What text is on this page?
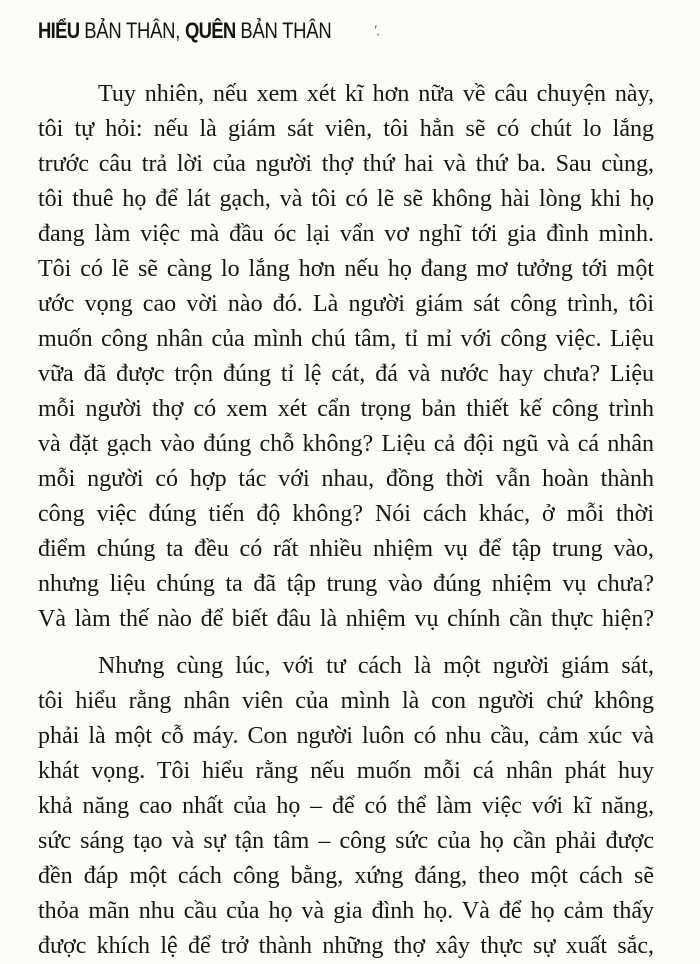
HIỂU BẢN THÂN, QUÊN BẢN THÂN	'.
Tuy nhiên, nếu xem xét kĩ hơn nữa về câu chuyện này,
tôi tự hỏi: nếu là giám sát viên, tôi hẳn sẽ có chút lo lắng
trước câu trả lời của người thợ thứ hai và thứ ba. Sau cùng,
tôi thuê họ để lát gạch, và tôi có lẽ sẽ không hài lòng khi họ
đang làm việc mà đầu óc lại vẩn vơ nghĩ tới gia đình mình.
Tôi có lẽ sẽ càng lo lắng hơn nếu họ đang mơ tưởng tới một
ước vọng cao vời nào đó. Là người giám sát công trình, tôi
muốn công nhân của mình chú tâm, tỉ mỉ với công việc. Liệu
vữa đã được trộn đúng tỉ lệ cát, đá và nước hay chưa? Liệu
mỗi người thợ có xem xét cẩn trọng bản thiết kế công trình
và đặt gạch vào đúng chỗ không? Liệu cả đội ngũ và cá nhân
mỗi người có hợp tác với nhau, đồng thời vẫn hoàn thành
công việc đúng tiến độ không? Nói cách khác, ở mỗi thời
điểm chúng ta đều có rất nhiều nhiệm vụ để tập trung vào,
nhưng liệu chúng ta đã tập trung vào đúng nhiệm vụ chưa?
Và làm thế nào để biết đâu là nhiệm vụ chính cần thực hiện?
Nhưng cùng lúc, với tư cách là một người giám sát,
tôi hiểu rằng nhân viên của mình là con người chứ không
phải là một cỗ máy. Con người luôn có nhu cầu, cảm xúc và
khát vọng. Tôi hiểu rằng nếu muốn mỗi cá nhân phát huy
khả năng cao nhất của họ – để có thể làm việc với kĩ năng,
sức sáng tạo và sự tận tâm – công sức của họ cần phải được
đền đáp một cách công bằng, xứng đáng, theo một cách sẽ
thỏa mãn nhu cầu của họ và gia đình họ. Và để họ cảm thấy
được khích lệ để trở thành những thợ xây thực sự xuất sắc,
